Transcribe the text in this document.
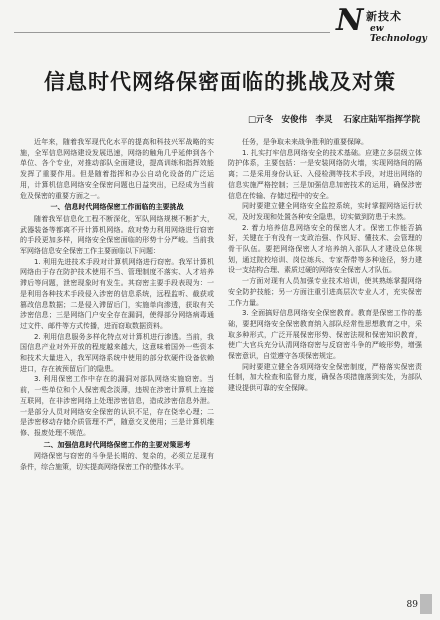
N 新技术
ew Technology
信息时代网络保密面临的挑战及对策
□亓冬　安俊伟　李灵 石家庄陆军指挥学院

近年来，随着我军现代化水平的提高和科技兴军战略的实施，全军信息网络建设发展迅速，网络的触角几乎延伸到各个单位、各个专业，对推动部队全面建设，提高训练和指挥效能发挥了重要作用。但是随着指挥和办公自动化设备的广泛运用，计算机信息网络安全保密问题也日益突出，已经成为当前危及保密的重要方面之一。

一、信息时代网络保密工作面临的主要挑战

随着我军信息化工程不断深化，军队网络规模不断扩大，武器装备等都离不开计算机网络。敌对势力利用网络进行窃密的手段更加多样，网络安全保密面临的形势十分严峻。当前我军网络信息安全保密工作主要面临以下问题：

1. 利用先进技术手段对计算机网络进行窃密。我军计算机网络由于存在防护技术使用不当、管理制度不落实、人才培养滞后等问题，泄密现象时有发生。其窃密主要手段表现为：一是利用各种技术手段侵入涉密的信息系统，远程监听、截获或篡改信息数据；二是侵入滞留后门，实施单向渗透，获取有关涉密信息；三是网络门户安全存在漏洞，使得部分网络病毒通过文件、邮件等方式传播，进而窃取数据资料。

2. 利用信息服务多样化特点对计算机进行渗透。当前，我国信息产业对外开放的程度越来越大，这意味着国外一些资本和技术大量进入，我军网络系统中使用的部分软硬件设备依赖进口，存在被预留后门的隐患。

3. 利用保密工作中存在的漏洞对部队网络实施窃密。当前，一些单位和个人保密观念淡薄，违规在涉密计算机上连接互联网，在非涉密网络上处理涉密信息，造成涉密信息外泄。一是部分人员对网络安全保密的认识不足，存在侥幸心理；二是涉密移动存储介质管理不严，随意交叉使用；三是计算机维修、报废处理不规范。

二、加强信息时代网络保密工作的主要对策思考

网络保密与窃密的斗争是长期的、复杂的，必须立足现有条件，综合施策，切实提高网络保密工作的整体水平。

任务，是争取未来战争胜利的重要保障。

1. 扎实打牢信息网络安全的技术基础。应建立多层级立体防护体系，主要包括：一是安装网络防火墙，实现网络间的隔离；二是采用身份认证、入侵检测等技术手段，对进出网络的信息实施严格控制；三是加强信息加密技术的运用，确保涉密信息在传输、存储过程中的安全。

同时要建立健全网络安全监控系统，实时掌握网络运行状况，及时发现和处置各种安全隐患，切实做到防患于未然。

2. 着力培养信息网络安全的保密人才。保密工作能否搞好，关键在于有没有一支政治强、作风好、懂技术、会管理的骨干队伍。要把网络保密人才培养纳入部队人才建设总体规划，通过院校培训、岗位练兵、专家帮带等多种途径，努力建设一支结构合理、素质过硬的网络安全保密人才队伍。

一方面对现有人员加强专业技术培训，使其熟练掌握网络安全防护技能；另一方面注重引进高层次专业人才，充实保密工作力量。

3. 全面搞好信息网络安全保密教育。教育是保密工作的基础，要把网络安全保密教育纳入部队经常性思想教育之中，采取多种形式，广泛开展保密形势、保密法规和保密知识教育，使广大官兵充分认清网络窃密与反窃密斗争的严峻形势，增强保密意识，自觉遵守各项保密规定。

同时要建立健全各项网络安全保密制度，严格落实保密责任制，加大检查和监督力度，确保各项措施落到实处，为部队建设提供可靠的安全保障。

89
